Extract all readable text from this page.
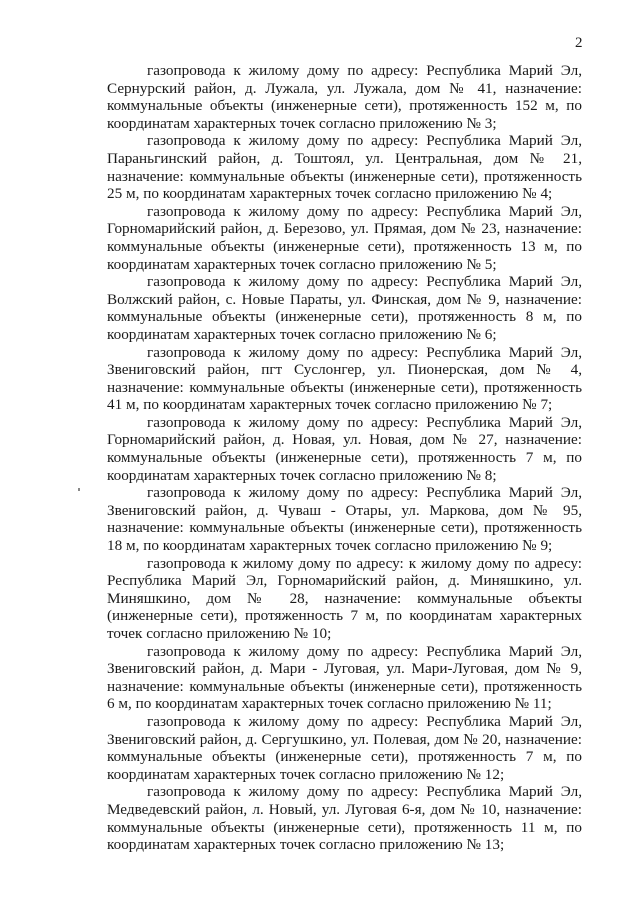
2

газопровода к жилому дому по адресу: Республика Марий Эл, Сернурский район, д. Лужала, ул. Лужала, дом № 41, назначение: коммунальные объекты (инженерные сети), протяженность 152 м, по координатам характерных точек согласно приложению № 3;

газопровода к жилому дому по адресу: Республика Марий Эл, Параньгинский район, д. Тоштоял, ул. Центральная, дом № 21, назначение: коммунальные объекты (инженерные сети), протяженность 25 м, по координатам характерных точек согласно приложению № 4;

газопровода к жилому дому по адресу: Республика Марий Эл, Горномарийский район, д. Березово, ул. Прямая, дом № 23, назначение: коммунальные объекты (инженерные сети), протяженность 13 м, по координатам характерных точек согласно приложению № 5;

газопровода к жилому дому по адресу: Республика Марий Эл, Волжский район, с. Новые Параты, ул. Финская, дом № 9, назначение: коммунальные объекты (инженерные сети), протяженность 8 м, по координатам характерных точек согласно приложению № 6;

газопровода к жилому дому по адресу: Республика Марий Эл, Звениговский район, пгт Суслонгер, ул. Пионерская, дом № 4, назначение: коммунальные объекты (инженерные сети), протяженность 41 м, по координатам характерных точек согласно приложению № 7;

газопровода к жилому дому по адресу: Республика Марий Эл, Горномарийский район, д. Новая, ул. Новая, дом № 27, назначение: коммунальные объекты (инженерные сети), протяженность 7 м, по координатам характерных точек согласно приложению № 8;

газопровода к жилому дому по адресу: Республика Марий Эл, Звениговский район, д. Чуваш - Отары, ул. Маркова, дом № 95, назначение: коммунальные объекты (инженерные сети), протяженность 18 м, по координатам характерных точек согласно приложению № 9;

газопровода к жилому дому по адресу: к жилому дому по адресу: Республика Марий Эл, Горномарийский район, д. Миняшкино, ул. Миняшкино, дом № 28, назначение: коммунальные объекты (инженерные сети), протяженность 7 м, по координатам характерных точек согласно приложению № 10;

газопровода к жилому дому по адресу: Республика Марий Эл, Звениговский район, д. Мари - Луговая, ул. Мари-Луговая, дом № 9, назначение: коммунальные объекты (инженерные сети), протяженность 6 м, по координатам характерных точек согласно приложению № 11;

газопровода к жилому дому по адресу: Республика Марий Эл, Звениговский район, д. Сергушкино, ул. Полевая, дом № 20, назначение: коммунальные объекты (инженерные сети), протяженность 7 м, по координатам характерных точек согласно приложению № 12;

газопровода к жилому дому по адресу: Республика Марий Эл, Медведевский район, л. Новый, ул. Луговая 6-я, дом № 10, назначение: коммунальные объекты (инженерные сети), протяженность 11 м, по координатам характерных точек согласно приложению № 13;
